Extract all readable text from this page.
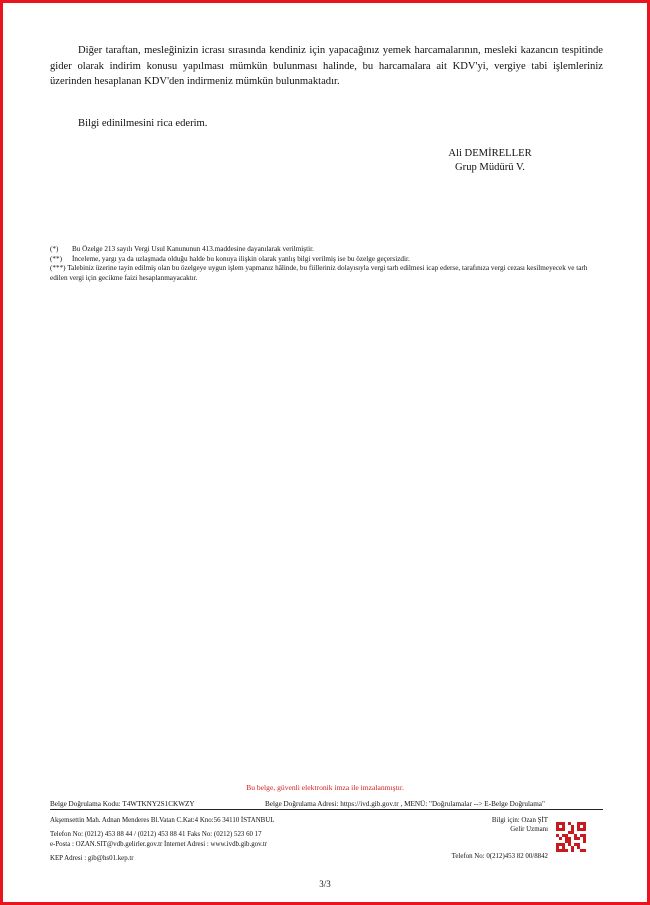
Diğer taraftan, mesleğinizin icrası sırasında kendiniz için yapacağınız yemek harcamalarının, mesleki kazancın tespitinde gider olarak indirim konusu yapılması mümkün bulunması halinde, bu harcamalara ait KDV'yi, vergiye tabi işlemleriniz üzerinden hesaplanan KDV'den indirmeniz mümkün bulunmaktadır.

Bilgi edinilmesini rica ederim.

Ali DEMİRELLER
Grup Müdürü V.
(*) Bu Özelge 213 sayılı Vergi Usul Kanununun 413.maddesine dayanılarak verilmiştir.
(**) İnceleme, yargı ya da uzlaşmada olduğu halde bu konuya ilişkin olarak yanlış bilgi verilmiş ise bu özelge geçersizdir.
(***) Talebiniz üzerine tayin edilmiş olan bu özelgeye uygun işlem yapmanız hâlinde, bu fiilleriniz dolayısıyla vergi tarh edilmesi icap ederse, tarafınıza vergi cezası kesilmeyecek ve tarh edilen vergi için gecikme faizi hesaplanmayacaktır.
Bu belge, güvenli elektronik imza ile imzalanmıştır.
Belge Doğrulama Kodu: T4WTKNY2S1CKWZY	Belge Doğrulama Adresi: https://ivd.gib.gov.tr , MENÜ: "Doğrulamalar --> E-Belge Doğrulama"
Akşemsettin Mah. Adnan Menderes Bl.Vatan C.Kat:4 Kno:56 34110 İSTANBUL
Telefon No: (0212) 453 88 44 / (0212) 453 88 41 Faks No: (0212) 523 60 17
e-Posta : OZAN.SIT@vdb.gelirler.gov.tr İnternet Adresi : www.ivdb.gib.gov.tr
KEP Adresi : gib@hs01.kep.tr
Bilgi için: Ozan ŞİT
Gelir Uzmanı
Telefon No: 0(212)453 82 00/8842
3/3
